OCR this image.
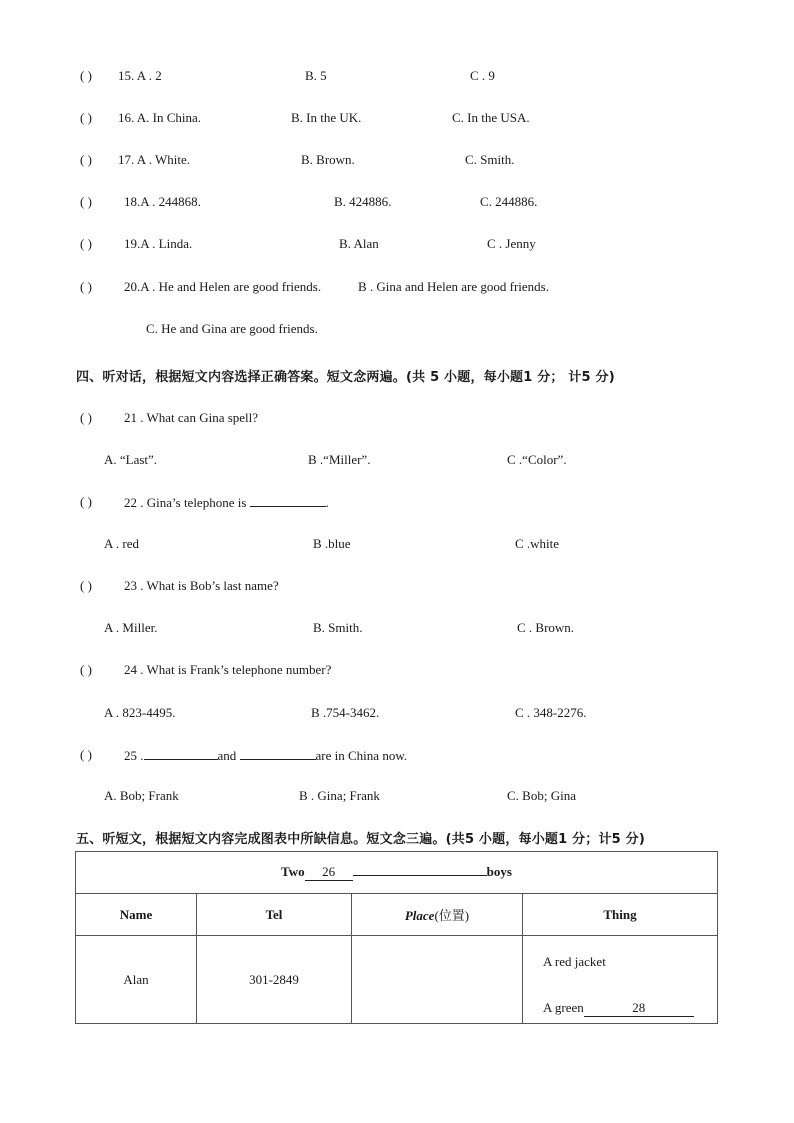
( ) 15. A . 2	B. 5	C . 9
( ) 16. A. In China.	B. In the UK.	C. In the USA.
( ) 17. A . White.	B. Brown.	C. Smith.
( ) 18.A . 244868.	B. 424886.	C. 244886.
( ) 19.A . Linda.	B. Alan	C . Jenny
( ) 20.A . He and Helen are good friends.	B . Gina and Helen are good friends.
C. He and Gina are good friends.
四、听对话，根据短文内容选择正确答案。短文念两遍。(共 5 小题，每小题1 分； 计5 分)
( ) 21 . What can Gina spell?
A. “Last”.	B .“Miller”.	C .“Color”.
( ) 22 . Gina’s telephone is	.
A . red	B .blue	C .white
( ) 23 . What is Bob’s last name?
A . Miller.	B. Smith.	C . Brown.
( ) 24 . What is Frank’s telephone number?
A . 823-4495.	B .754-3462.	C . 348-2276.
( ) 25 .	and	are in China now.
A. Bob; Frank	B . Gina; Frank	C. Bob; Gina
五、听短文，根据短文内容完成图表中所缺信息。短文念三遍。(共5 小题，每小题1 分；计5 分)
Two 26 boys			
Name	Tel	Place(位置)	Thing
Alan	301-2849		A red jacket
A green 28
